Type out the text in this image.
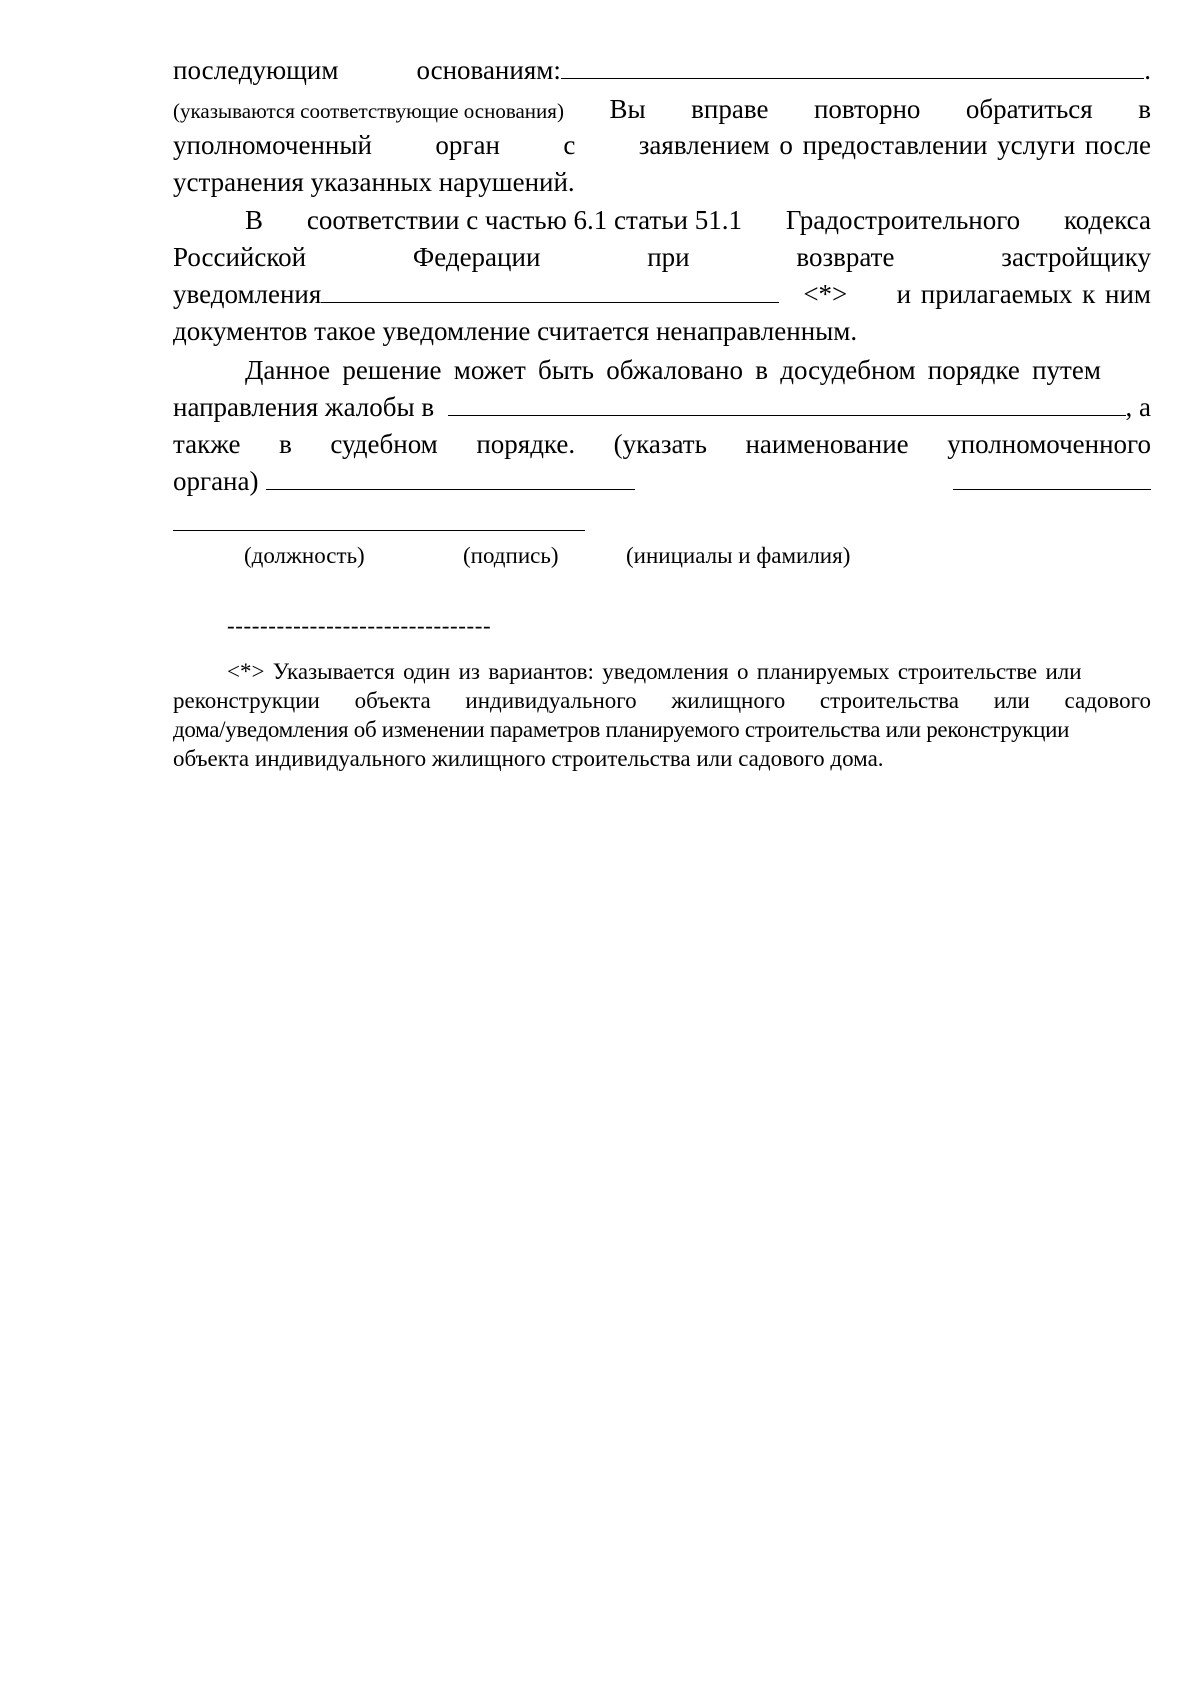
последующим	основаниям:	.
(указываются соответствующие основания) Вы вправе повторно обратиться в
уполномоченный орган с заявлением о предоставлении услуги после
устранения указанных нарушений.
В соответствии с частью 6.1 статьи 51.1 Градостроительного кодекса
Российской	Федерации	при	возврате	застройщику
уведомления	<*> и прилагаемых к ним
документов такое уведомление считается ненаправленным.
Данное решение может быть обжаловано в досудебном порядке путем
направления жалобы в	, а
также в судебном порядке. (указать наименование уполномоченного
органа)
(должность)	(подпись)	(инициалы и фамилия)
--------------------------------
<*> Указывается один из вариантов: уведомления о планируемых строительстве или
реконструкции объекта индивидуального жилищного строительства или садового
дома/уведомления об изменении параметров планируемого строительства или реконструкции
объекта индивидуального жилищного строительства или садового дома.
